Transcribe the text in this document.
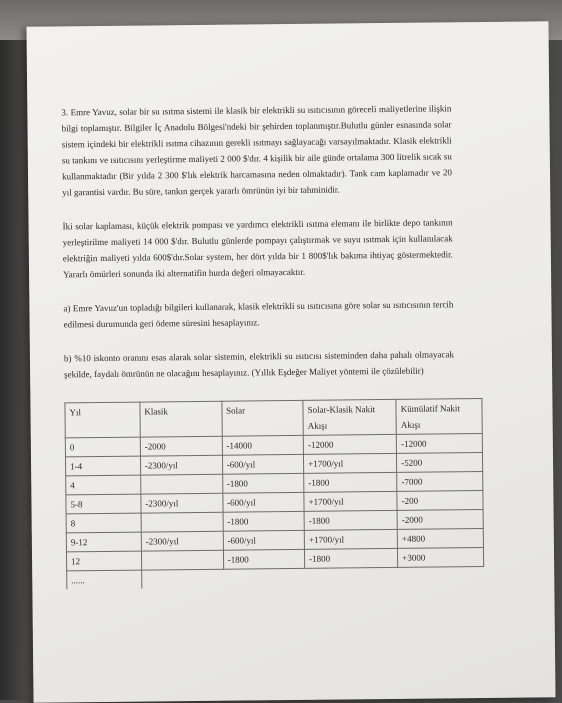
3. Emre Yavuz, solar bir su ısıtma sistemi ile klasik bir elektrikli su ısıtıcısının göreceli maliyetlerine ilişkin bilgi toplamıştır. Bilgiler İç Anadolu Bölgesi'ndeki bir şehirden toplanmıştır.Bulutlu günler esnasında solar sistem içindeki bir elektrikli ısıtma cihazının gerekli ısıtmayı sağlayacağı varsayılmaktadır. Klasik elektrikli su tankını ve ısıtıcısını yerleştirme maliyeti 2 000 $'dır. 4 kişilik bir aile günde ortalama 300 litrelik sıcak su kullanmaktadır (Bir yılda 2 300 $'lık elektrik harcamasına neden olmaktadır). Tank cam kaplamadır ve 20 yıl garantisi vardır. Bu süre, tankın gerçek yararlı ömrünün iyi bir tahminidir.

İki solar kaplaması, küçük elektrik pompası ve yardımcı elektrikli ısıtma elemanı ile birlikte depo tankının yerleştirilme maliyeti 14 000 $'dır. Bulutlu günlerde pompayı çalıştırmak ve suyu ısıtmak için kullanılacak elektriğin maliyeti yılda 600$'dır.Solar system, her dört yılda bir 1 800$'lık bakıma ihtiyaç göstermektedir. Yararlı ömürleri sonunda iki alternatifin hurda değeri olmayacaktır.

a) Emre Yavuz'un topladığı bilgileri kullanarak, klasik elektrikli su ısıtıcısına göre solar su ısıtıcısının tercih edilmesi durumunda geri ödeme süresini hesaplayınız.

b) %10 iskonto oranını esas alarak solar sistemin, elektrikli su ısıtıcısı sisteminden daha pahalı olmayacak şekilde, faydalı ömrünün ne olacağını hesaplayınız. (Yıllık Eşdeğer Maliyet yöntemi ile çözülebilir)

Yıl	Klasik	Solar	Solar-Klasik Nakit Akışı	Kümülatif Nakit Akışı
0	-2000	-14000	-12000	-12000
1-4	-2300/yıl	-600/yıl	+1700/yıl	-5200
4		-1800	-1800	-7000
5-8	-2300/yıl	-600/yıl	+1700/yıl	-200
8		-1800	-1800	-2000
9-12	-2300/yıl	-600/yıl	+1700/yıl	+4800
12		-1800	-1800	+3000
......				
